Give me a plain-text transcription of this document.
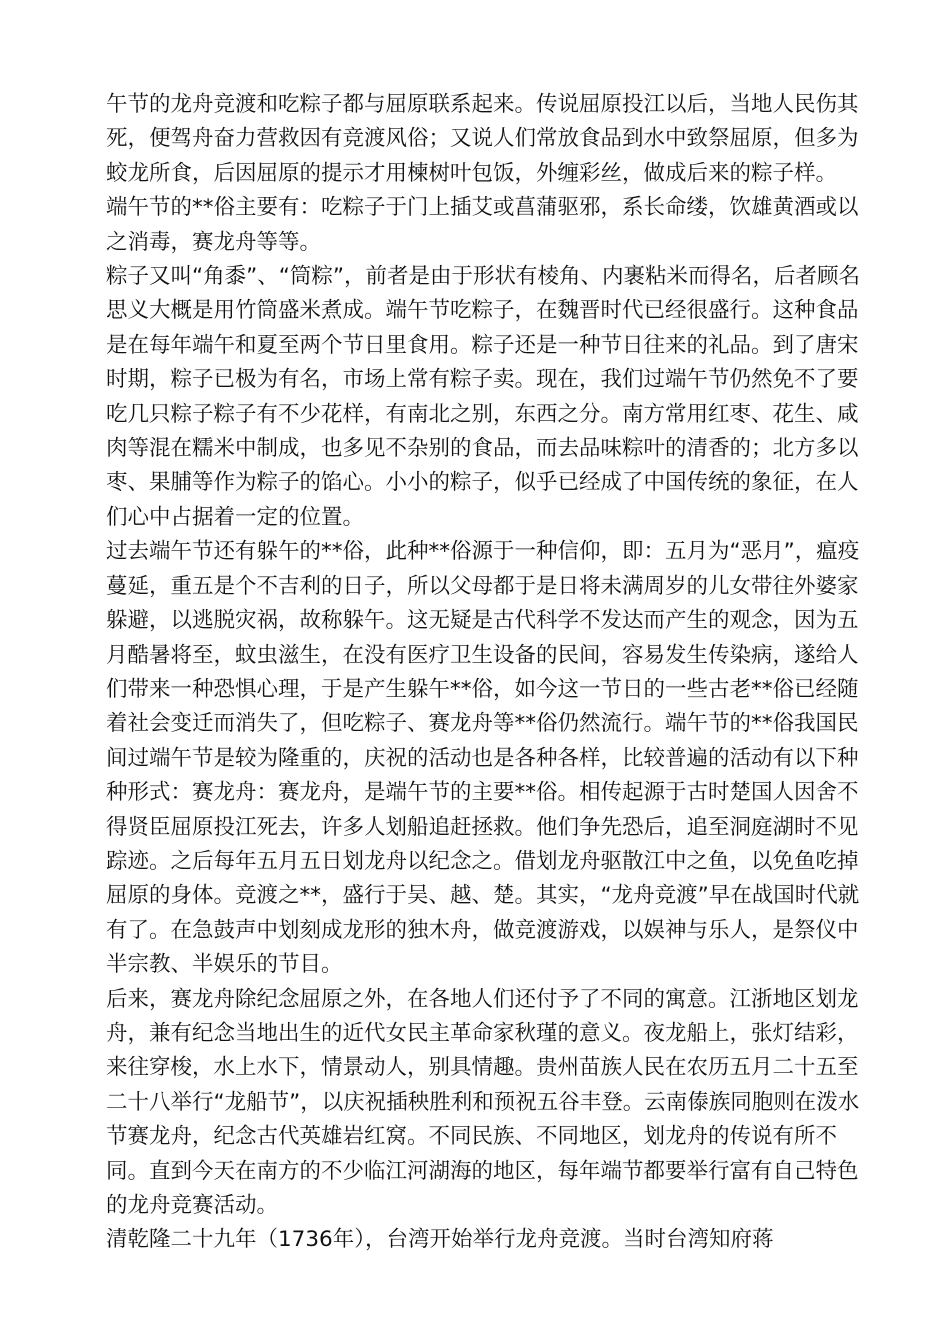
午节的龙舟竞渡和吃粽子都与屈原联系起来。传说屈原投江以后，当地人民伤其死，便驾舟奋力营救因有竞渡风俗；又说人们常放食品到水中致祭屈原，但多为蛟龙所食，后因屈原的提示才用楝树叶包饭，外缠彩丝，做成后来的粽子样。

端午节的**俗主要有：吃粽子于门上插艾或菖蒲驱邪，系长命缕，饮雄黄酒或以之消毒，赛龙舟等等。

粽子又叫“角黍”、“筒粽”，前者是由于形状有棱角、内裹粘米而得名，后者顾名思义大概是用竹筒盛米煮成。端午节吃粽子，在魏晋时代已经很盛行。这种食品是在每年端午和夏至两个节日里食用。粽子还是一种节日往来的礼品。到了唐宋时期，粽子已极为有名，市场上常有粽子卖。现在，我们过端午节仍然免不了要吃几只粽子粽子有不少花样，有南北之别，东西之分。南方常用红枣、花生、咸肉等混在糯米中制成，也多见不杂别的食品，而去品味粽叶的清香的；北方多以枣、果脯等作为粽子的馅心。小小的粽子，似乎已经成了中国传统的象征，在人们心中占据着一定的位置。

过去端午节还有躲午的**俗，此种**俗源于一种信仰，即：五月为“恶月”，瘟疫蔓延，重五是个不吉利的日子，所以父母都于是日将未满周岁的儿女带往外婆家躲避，以逃脱灾祸，故称躲午。这无疑是古代科学不发达而产生的观念，因为五月酷暑将至，蚊虫滋生，在没有医疗卫生设备的民间，容易发生传染病，遂给人们带来一种恐惧心理，于是产生躲午**俗，如今这一节日的一些古老**俗已经随着社会变迁而消失了，但吃粽子、赛龙舟等**俗仍然流行。端午节的**俗我国民间过端午节是较为隆重的，庆祝的活动也是各种各样，比较普遍的活动有以下种种形式：赛龙舟：赛龙舟，是端午节的主要**俗。相传起源于古时楚国人因舍不得贤臣屈原投江死去，许多人划船追赶拯救。他们争先恐后，追至洞庭湖时不见踪迹。之后每年五月五日划龙舟以纪念之。借划龙舟驱散江中之鱼，以免鱼吃掉屈原的身体。竞渡之**，盛行于吴、越、楚。其实，“龙舟竞渡”早在战国时代就有了。在急鼓声中划刻成龙形的独木舟，做竞渡游戏，以娱神与乐人，是祭仪中半宗教、半娱乐的节目。

后来，赛龙舟除纪念屈原之外，在各地人们还付予了不同的寓意。江浙地区划龙舟，兼有纪念当地出生的近代女民主革命家秋瑾的意义。夜龙船上，张灯结彩，来往穿梭，水上水下，情景动人，别具情趣。贵州苗族人民在农历五月二十五至二十八举行“龙船节”，以庆祝插秧胜利和预祝五谷丰登。云南傣族同胞则在泼水节赛龙舟，纪念古代英雄岩红窝。不同民族、不同地区，划龙舟的传说有所不同。直到今天在南方的不少临江河湖海的地区，每年端节都要举行富有自己特色的龙舟竞赛活动。

清乾隆二十九年（1736年），台湾开始举行龙舟竞渡。当时台湾知府蒋
